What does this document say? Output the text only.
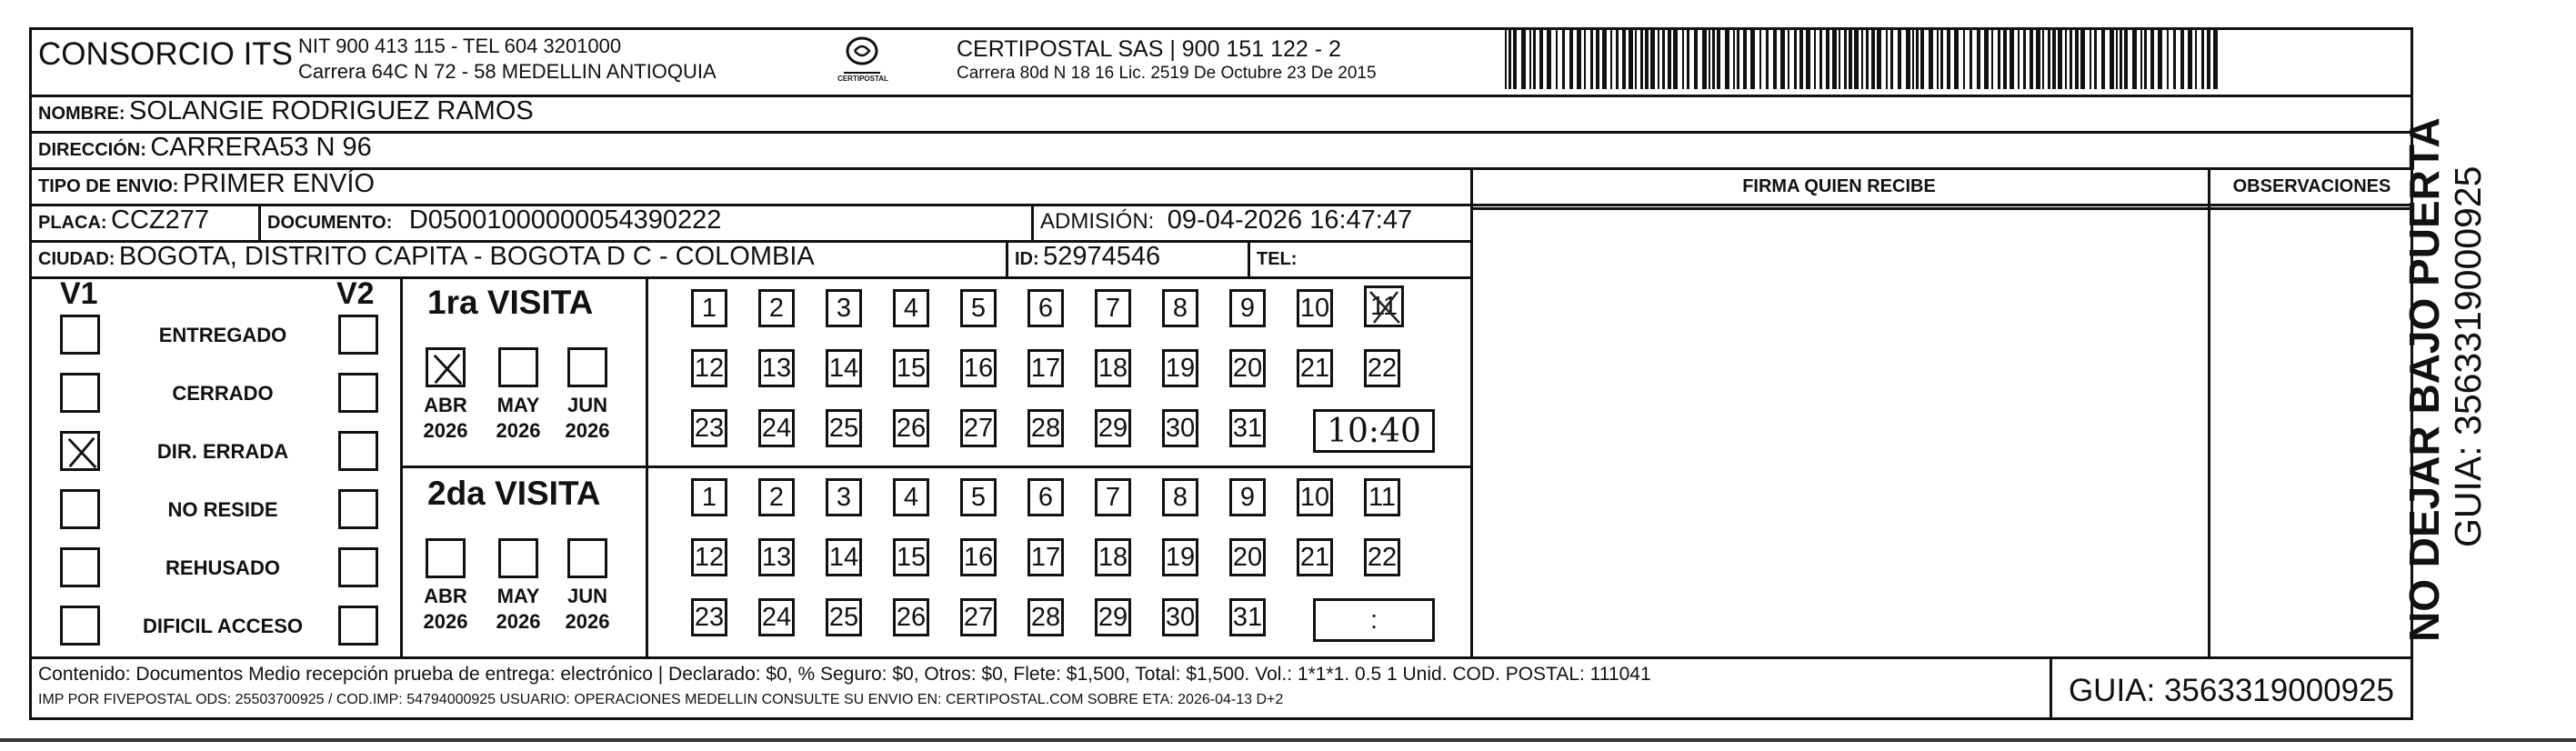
CONSORCIO ITS NIT 900 413 115 - TEL 604 3201000
Carrera 64C N 72 - 58 MEDELLIN ANTIOQUIA	CERTIPOSTAL
CERTIPOSTAL SAS | 900 151 122 - 2
Carrera 80d N 18 16 Lic. 2519 De Octubre 23 De 2015
NOMBRE: SOLANGIE RODRIGUEZ RAMOS
DIRECCIÓN: CARRERA53 N 96
TIPO DE ENVIO: PRIMER ENVÍO
PLACA: CCZ277	DOCUMENTO: D05001000000054390222	ADMISIÓN: 09-04-2026 16:47:47
CIUDAD: BOGOTA, DISTRITO CAPITA - BOGOTA D C - COLOMBIA	ID: 52974546	TEL:
FIRMA QUIEN RECIBE	OBSERVACIONES
V1	V2
ENTREGADO
CERRADO
DIR. ERRADA
NO RESIDE
REHUSADO
DIFICIL ACCESO
1ra VISITA
2da VISITA
ABR
2026
MAY
2026
JUN
2026
1	2	3	4	5	6	7	8	9	10 11
12 13 14 15 16 17 18 19 20 21 22
23 24 25 26 27 28 29 30 31	10:40
ABR
2026
MAY
2026
JUN
2026
1	2	3	4	5	6	7	8	9	10 11
12 13 14 15 16 17 18 19 20 21 22
23 24 25 26 27 28 29 30 31	:
Contenido: Documentos Medio recepción prueba de entrega: electrónico | Declarado: $0, % Seguro: $0, Otros: $0, Flete: $1,500, Total: $1,500. Vol.: 1*1*1. 0.5 1 Unid. COD. POSTAL: 111041
IMP POR FIVEPOSTAL ODS: 25503700925 / COD.IMP: 54794000925 USUARIO: OPERACIONES MEDELLIN CONSULTE SU ENVIO EN: CERTIPOSTAL.COM SOBRE ETA: 2026-04-13 D+2	GUIA: 3563319000925
NO DEJAR BAJO PUERTA GUIA: 3563319000925
